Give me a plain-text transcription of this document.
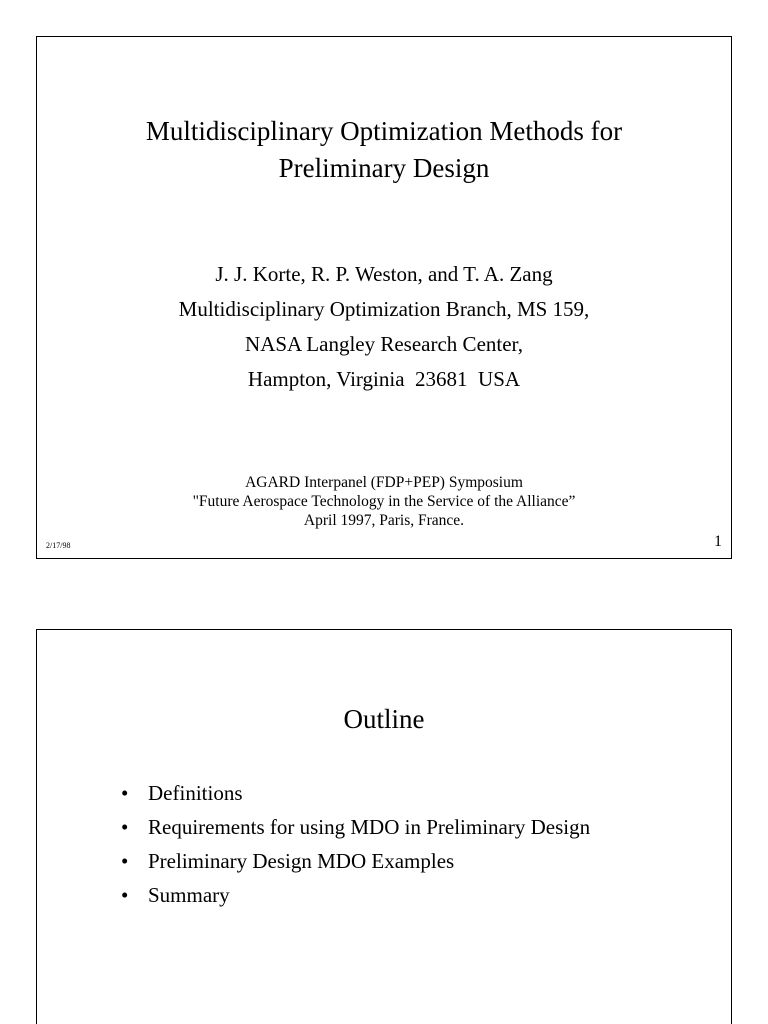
Multidisciplinary Optimization Methods for
Preliminary Design
J. J. Korte, R. P. Weston, and T. A. Zang
Multidisciplinary Optimization Branch, MS 159,
NASA Langley Research Center,
Hampton, Virginia  23681  USA
AGARD Interpanel (FDP+PEP) Symposium
"Future Aerospace Technology in the Service of the Alliance”
April 1997, Paris, France.
2/17/98	1
Outline
• Definitions
• Requirements for using MDO in Preliminary Design
• Preliminary Design MDO Examples
• Summary
